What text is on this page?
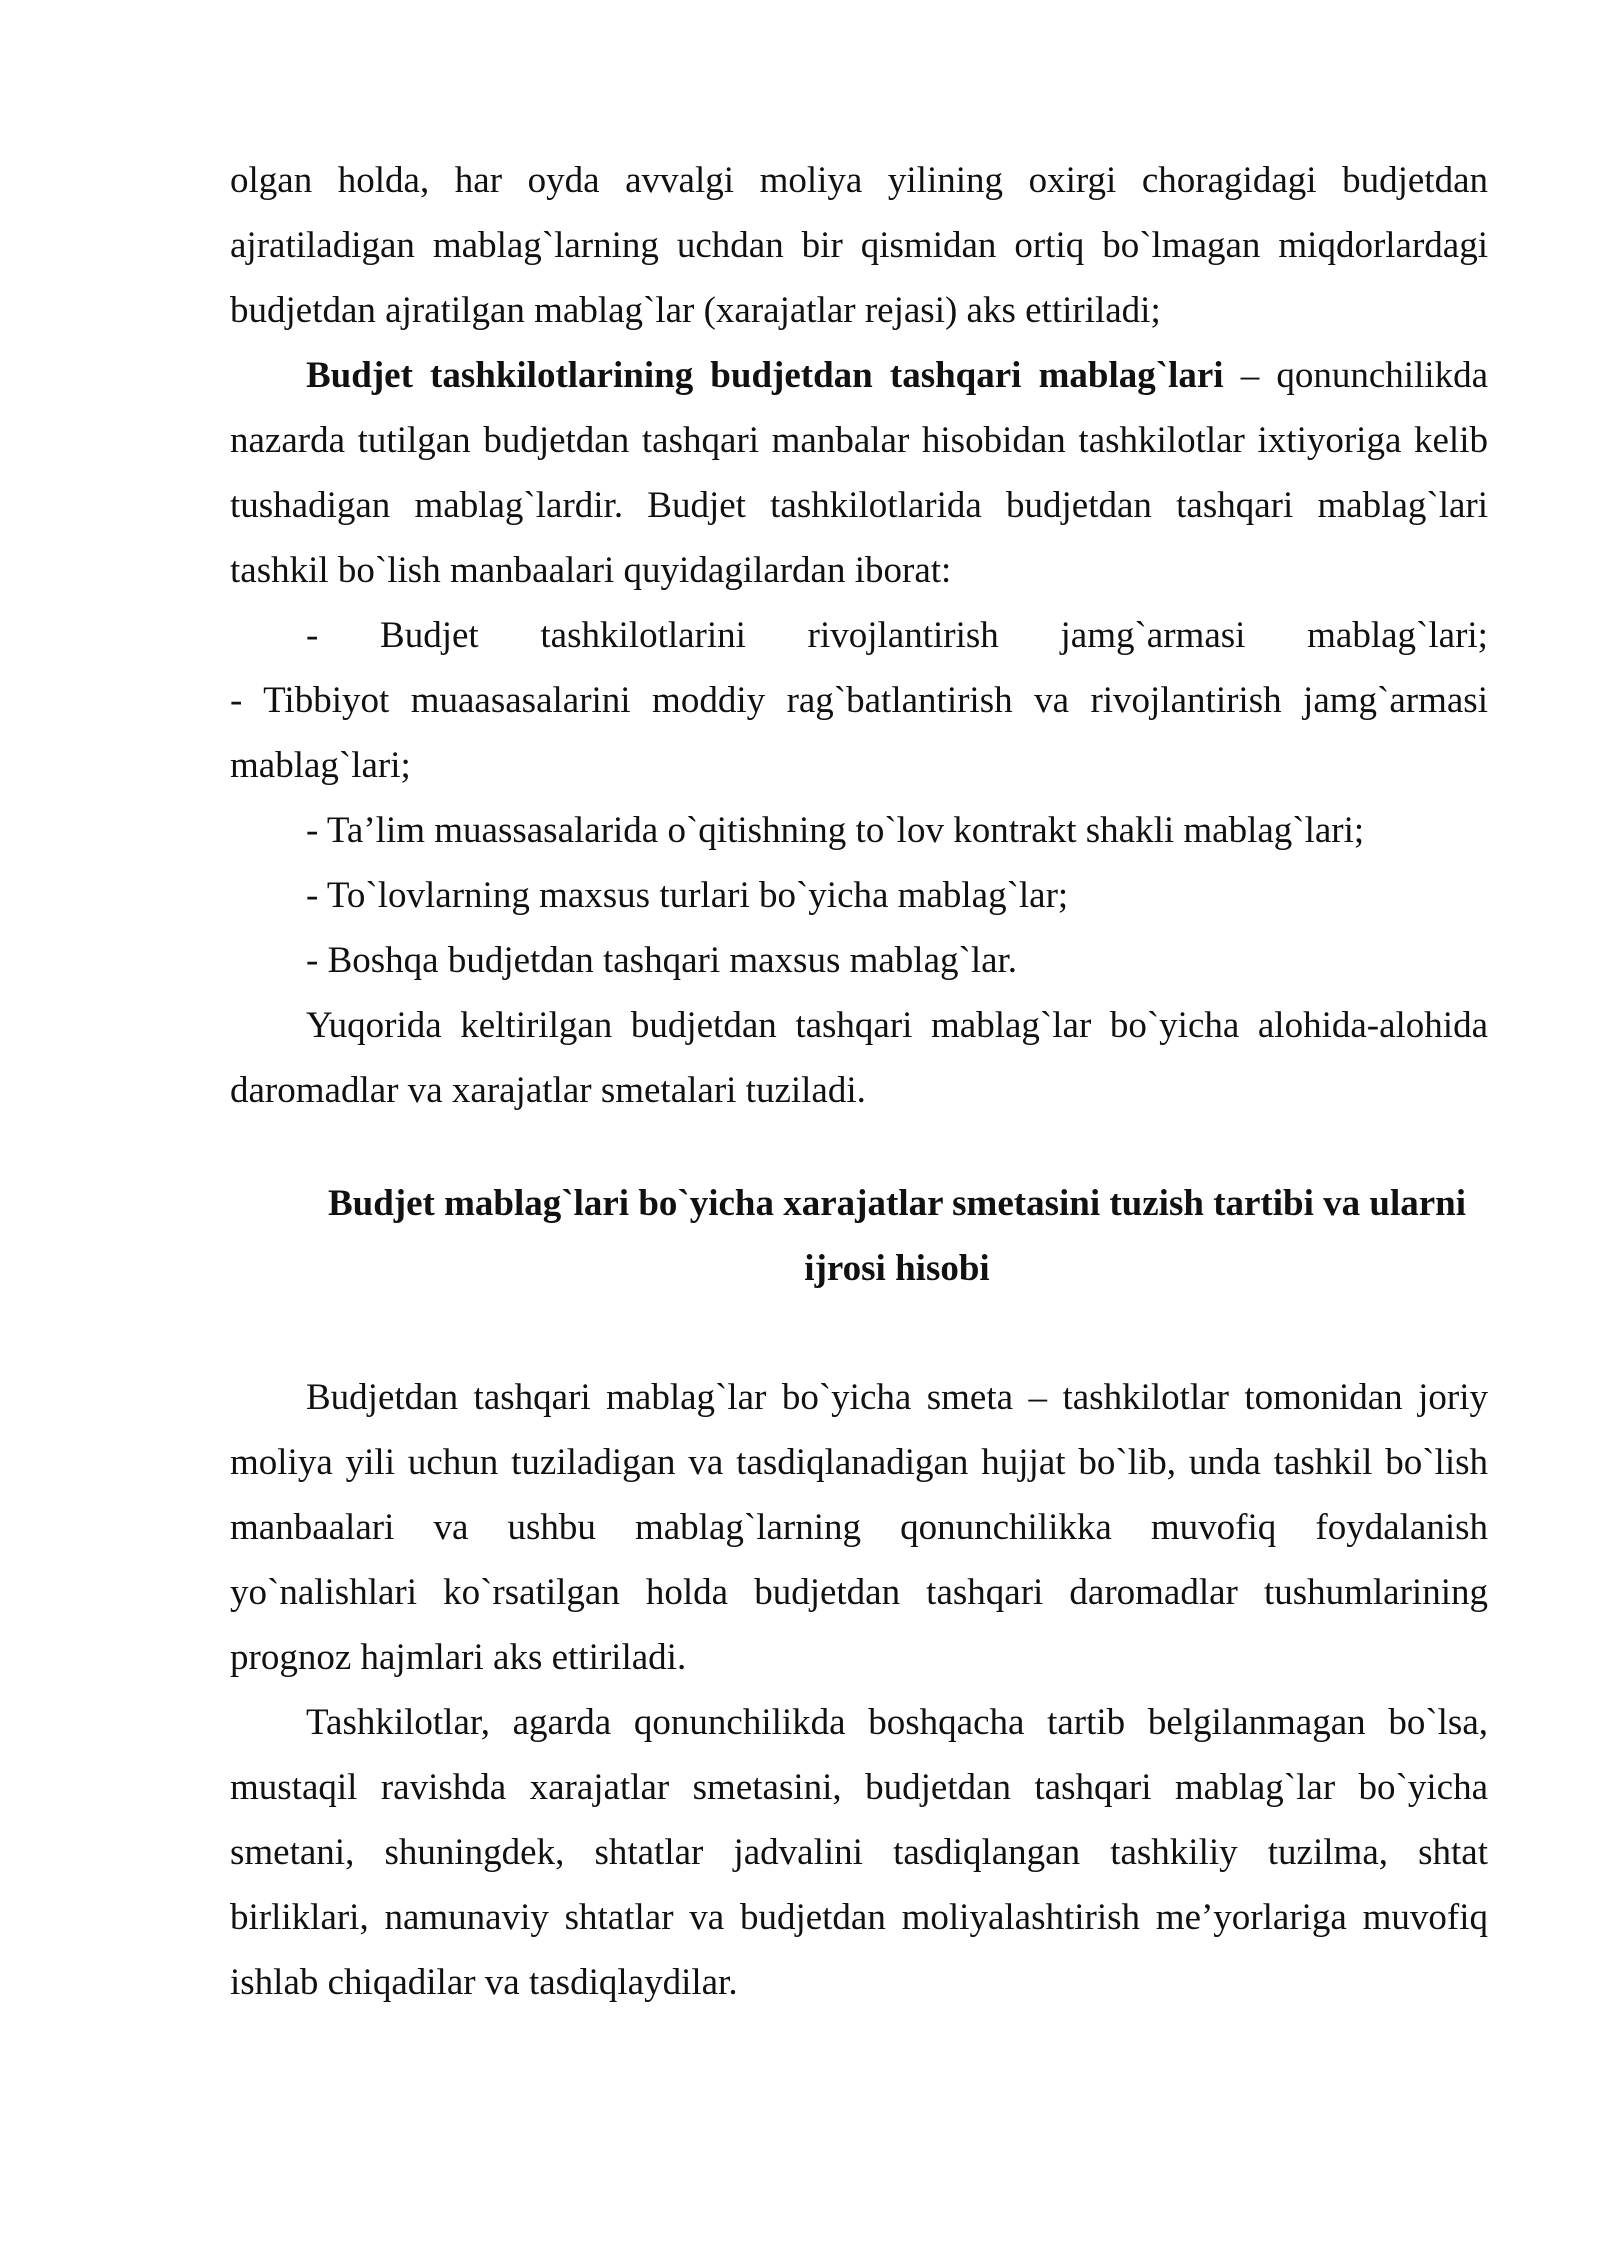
olgan holda, har oyda avvalgi moliya yilining oxirgi choragidagi budjetdan ajratiladigan mablag`larning uchdan bir qismidan ortiq bo`lmagan miqdorlardagi budjetdan ajratilgan mablag`lar (xarajatlar rejasi) aks ettiriladi;

Budjet tashkilotlarining budjetdan tashqari mablag`lari – qonunchilikda nazarda tutilgan budjetdan tashqari manbalar hisobidan tashkilotlar ixtiyoriga kelib tushadigan mablag`lardir. Budjet tashkilotlarida budjetdan tashqari mablag`lari tashkil bo`lish manbaalari quyidagilardan iborat:

- Budjet tashkilotlarini rivojlantirish jamg`armasi mablag`lari;

- Tibbiyot muaasasalarini moddiy rag`batlantirish va rivojlantirish jamg`armasi mablag`lari;

- Ta’lim muassasalarida o`qitishning to`lov kontrakt shakli mablag`lari;

- To`lovlarning maxsus turlari bo`yicha mablag`lar;

- Boshqa budjetdan tashqari maxsus mablag`lar.

Yuqorida keltirilgan budjetdan tashqari mablag`lar bo`yicha alohida-alohida daromadlar va xarajatlar smetalari tuziladi.

Budjet mablag`lari bo`yicha xarajatlar smetasini tuzish tartibi va ularni

ijrosi hisobi

Budjetdan tashqari mablag`lar bo`yicha smeta – tashkilotlar tomonidan joriy moliya yili uchun tuziladigan va tasdiqlanadigan hujjat bo`lib, unda tashkil bo`lish manbaalari va ushbu mablag`larning qonunchilikka muvofiq foydalanish yo`nalishlari ko`rsatilgan holda budjetdan tashqari daromadlar tushumlarining prognoz hajmlari aks ettiriladi.

Tashkilotlar, agarda qonunchilikda boshqacha tartib belgilanmagan bo`lsa, mustaqil ravishda xarajatlar smetasini, budjetdan tashqari mablag`lar bo`yicha smetani, shuningdek, shtatlar jadvalini tasdiqlangan tashkiliy tuzilma, shtat birliklari, namunaviy shtatlar va budjetdan moliyalashtirish me’yorlariga muvofiq ishlab chiqadilar va tasdiqlaydilar.
